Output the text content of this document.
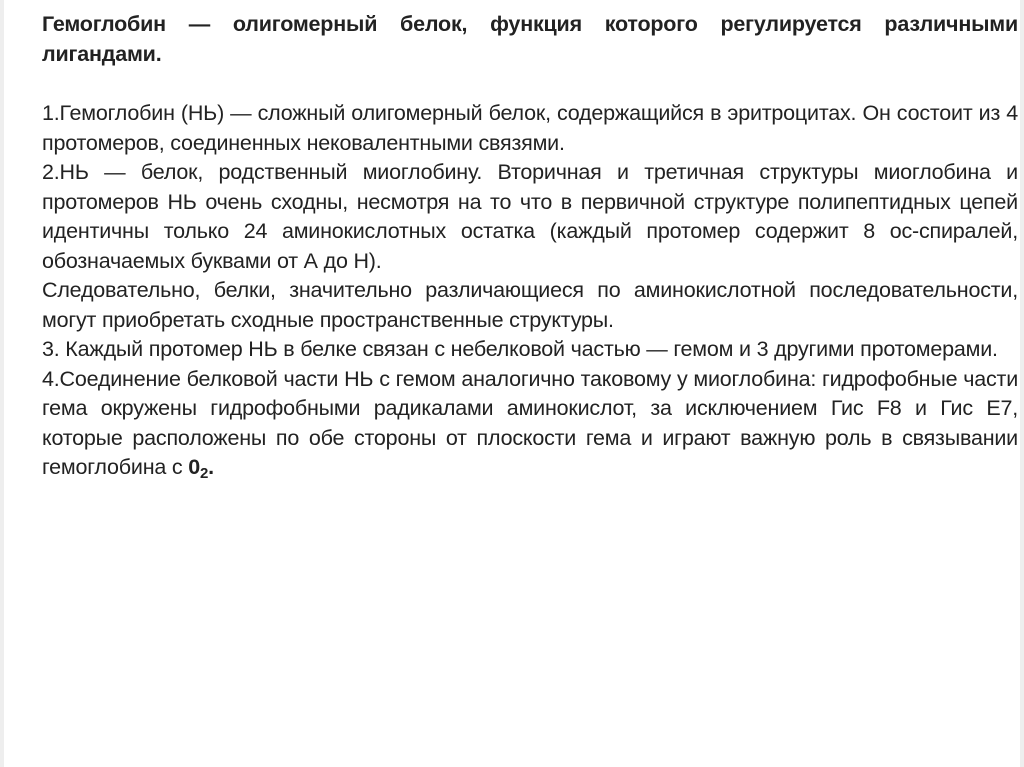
Гемоглобин — олигомерный белок, функция которого регулируется различными лигандами.

1.Гемоглобин (НЬ) — сложный олигомерный белок, содержащийся в эритроцитах. Он состоит из 4 протомеров, соединенных нековалентными связями.

2.НЬ — белок, родственный миоглобину. Вторичная и третичная структуры миоглобина и протомеров НЬ очень сходны, несмотря на то что в первичной структуре полипептидных цепей идентичны только 24 аминокислотных остатка (каждый протомер содержит 8 ос-спиралей, обозначаемых буквами от А до Н).

Следовательно, белки, значительно различающиеся по аминокислотной последовательности, могут приобретать сходные пространственные структуры.

3. Каждый протомер НЬ в белке связан с небелковой частью — гемом и 3 другими протомерами.

4.Соединение белковой части НЬ с гемом аналогично таковому у миоглобина: гидрофобные части гема окружены гидрофобными радикалами аминокислот, за исключением Гис F8 и Гис Е7, которые расположены по обе стороны от плоскости гема и играют важную роль в связывании гемоглобина с $0_2$.
